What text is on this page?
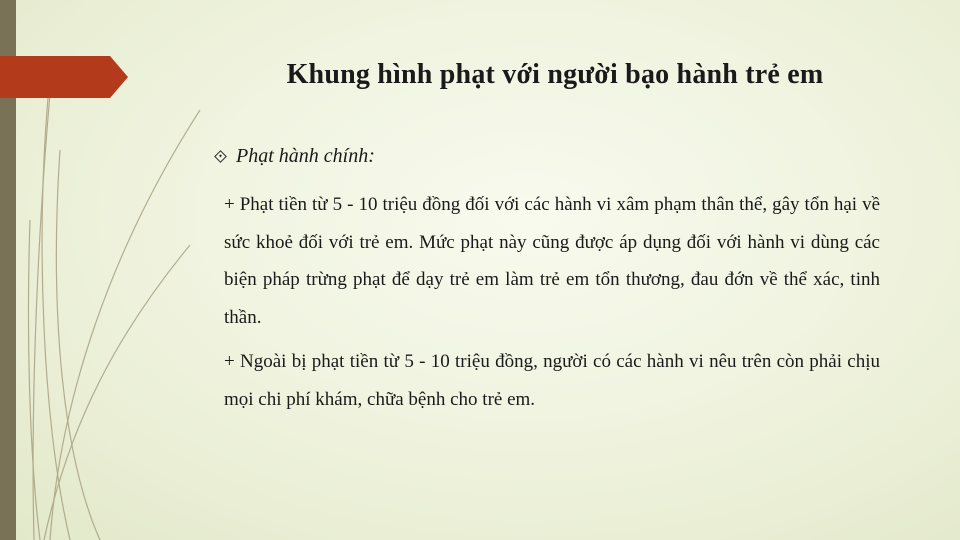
Khung hình phạt với người bạo hành trẻ em
Phạt hành chính:
+ Phạt tiền từ 5 - 10 triệu đồng đối với các hành vi xâm phạm thân thể, gây tổn hại về sức khoẻ đối với trẻ em. Mức phạt này cũng được áp dụng đối với hành vi dùng các biện pháp trừng phạt để dạy trẻ em làm trẻ em tổn thương, đau đớn về thể xác, tinh thần.
+ Ngoài bị phạt tiền từ 5 - 10 triệu đồng, người có các hành vi nêu trên còn phải chịu mọi chi phí khám, chữa bệnh cho trẻ em.
